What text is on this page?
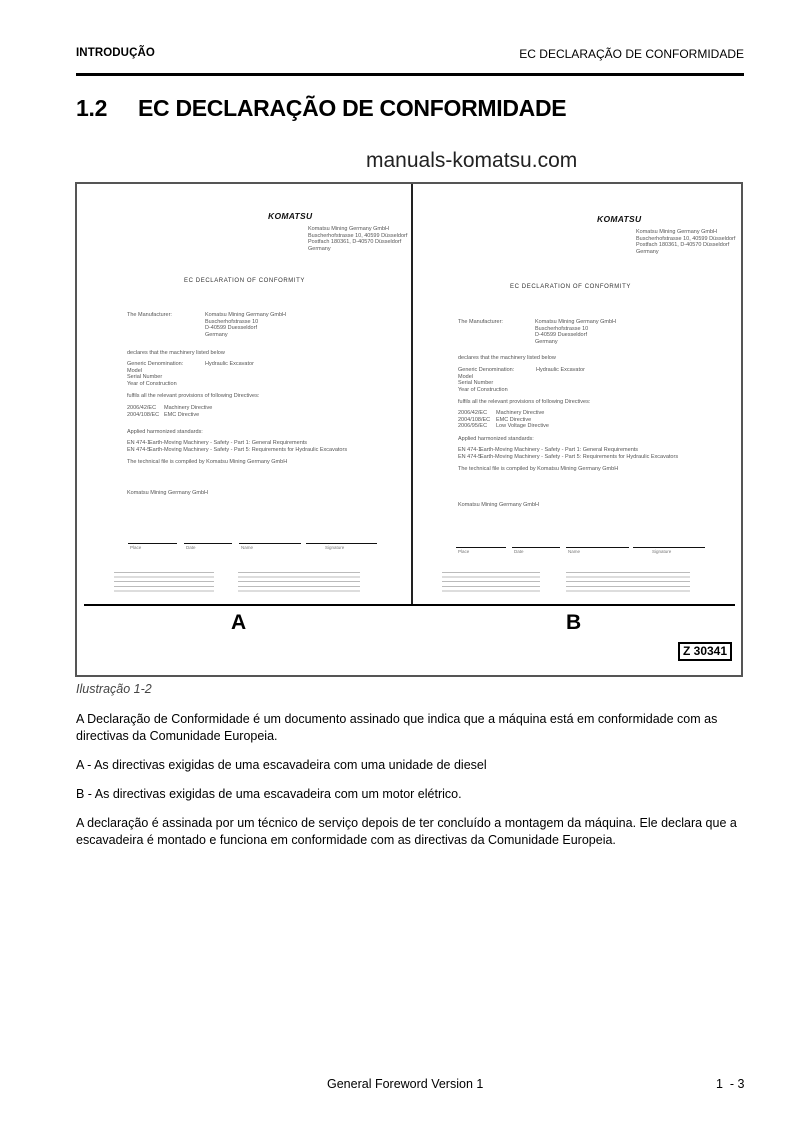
INTRODUÇÃO	EC DECLARAÇÃO DE CONFORMIDADE
1.2 EC DECLARAÇÃO DE CONFORMIDADE
manuals-komatsu.com
KOMATSU
Komatsu Mining Germany GmbH
Buscherhofstrasse 10, 40599 Düsseldorf
Postfach 180361, D-40570 Düsseldorf
Germany
EC DECLARATION OF CONFORMITY
The Manufacturer:	Komatsu Mining Germany GmbH
Buscherhofstrasse 10
D-40599 Duesseldorf
Germany
declares that the machinery listed below
Generic Denomination:	Hydraulic Excavator
Model
Serial Number
Year of Construction
fulfils all the relevant provisions of following Directives:
2006/42/EC Machinery Directive
2004/108/EC EMC Directive
Applied harmonized standards:
EN 474-1Earth-Moving Machinery - Safety - Part 1: General Requirements
EN 474-5Earth-Moving Machinery - Safety - Part 5: Requirements for Hydraulic Excavators
The technical file is compiled by Komatsu Mining Germany GmbH
Komatsu Mining Germany GmbH
Place	Date	Name	Signature
KOMATSU
Komatsu Mining Germany GmbH
Buscherhofstrasse 10, 40599 Düsseldorf
Postfach 180361, D-40570 Düsseldorf
Germany
EC DECLARATION OF CONFORMITY
The Manufacturer:	Komatsu Mining Germany GmbH
Buscherhofstrasse 10
D-40599 Duesseldorf
Germany
declares that the machinery listed below
Generic Denomination:	Hydraulic Excavator
Model
Serial Number
Year of Construction
fulfils all the relevant provisions of following Directives:
2006/42/EC Machinery Directive
2004/108/EC EMC Directive
2006/95/EC Low Voltage Directive
Applied harmonized standards:
EN 474-1Earth-Moving Machinery - Safety - Part 1: General Requirements
EN 474-5Earth-Moving Machinery - Safety - Part 5: Requirements for Hydraulic Excavators
The technical file is compiled by Komatsu Mining Germany GmbH
Komatsu Mining Germany GmbH
Place	Date	Name	Signature
A	B
Z 30341
Ilustração 1-2
A Declaração de Conformidade é um documento assinado que indica que a máquina está em conformidade com as directivas da Comunidade Europeia.
A - As directivas exigidas de uma escavadeira com uma unidade de diesel
B - As directivas exigidas de uma escavadeira com um motor elétrico.
A declaração é assinada por um técnico de serviço depois de ter concluído a montagem da máquina. Ele declara que a escavadeira é montado e funciona em conformidade com as directivas da Comunidade Europeia.
General Foreword Version 1	1  - 3
